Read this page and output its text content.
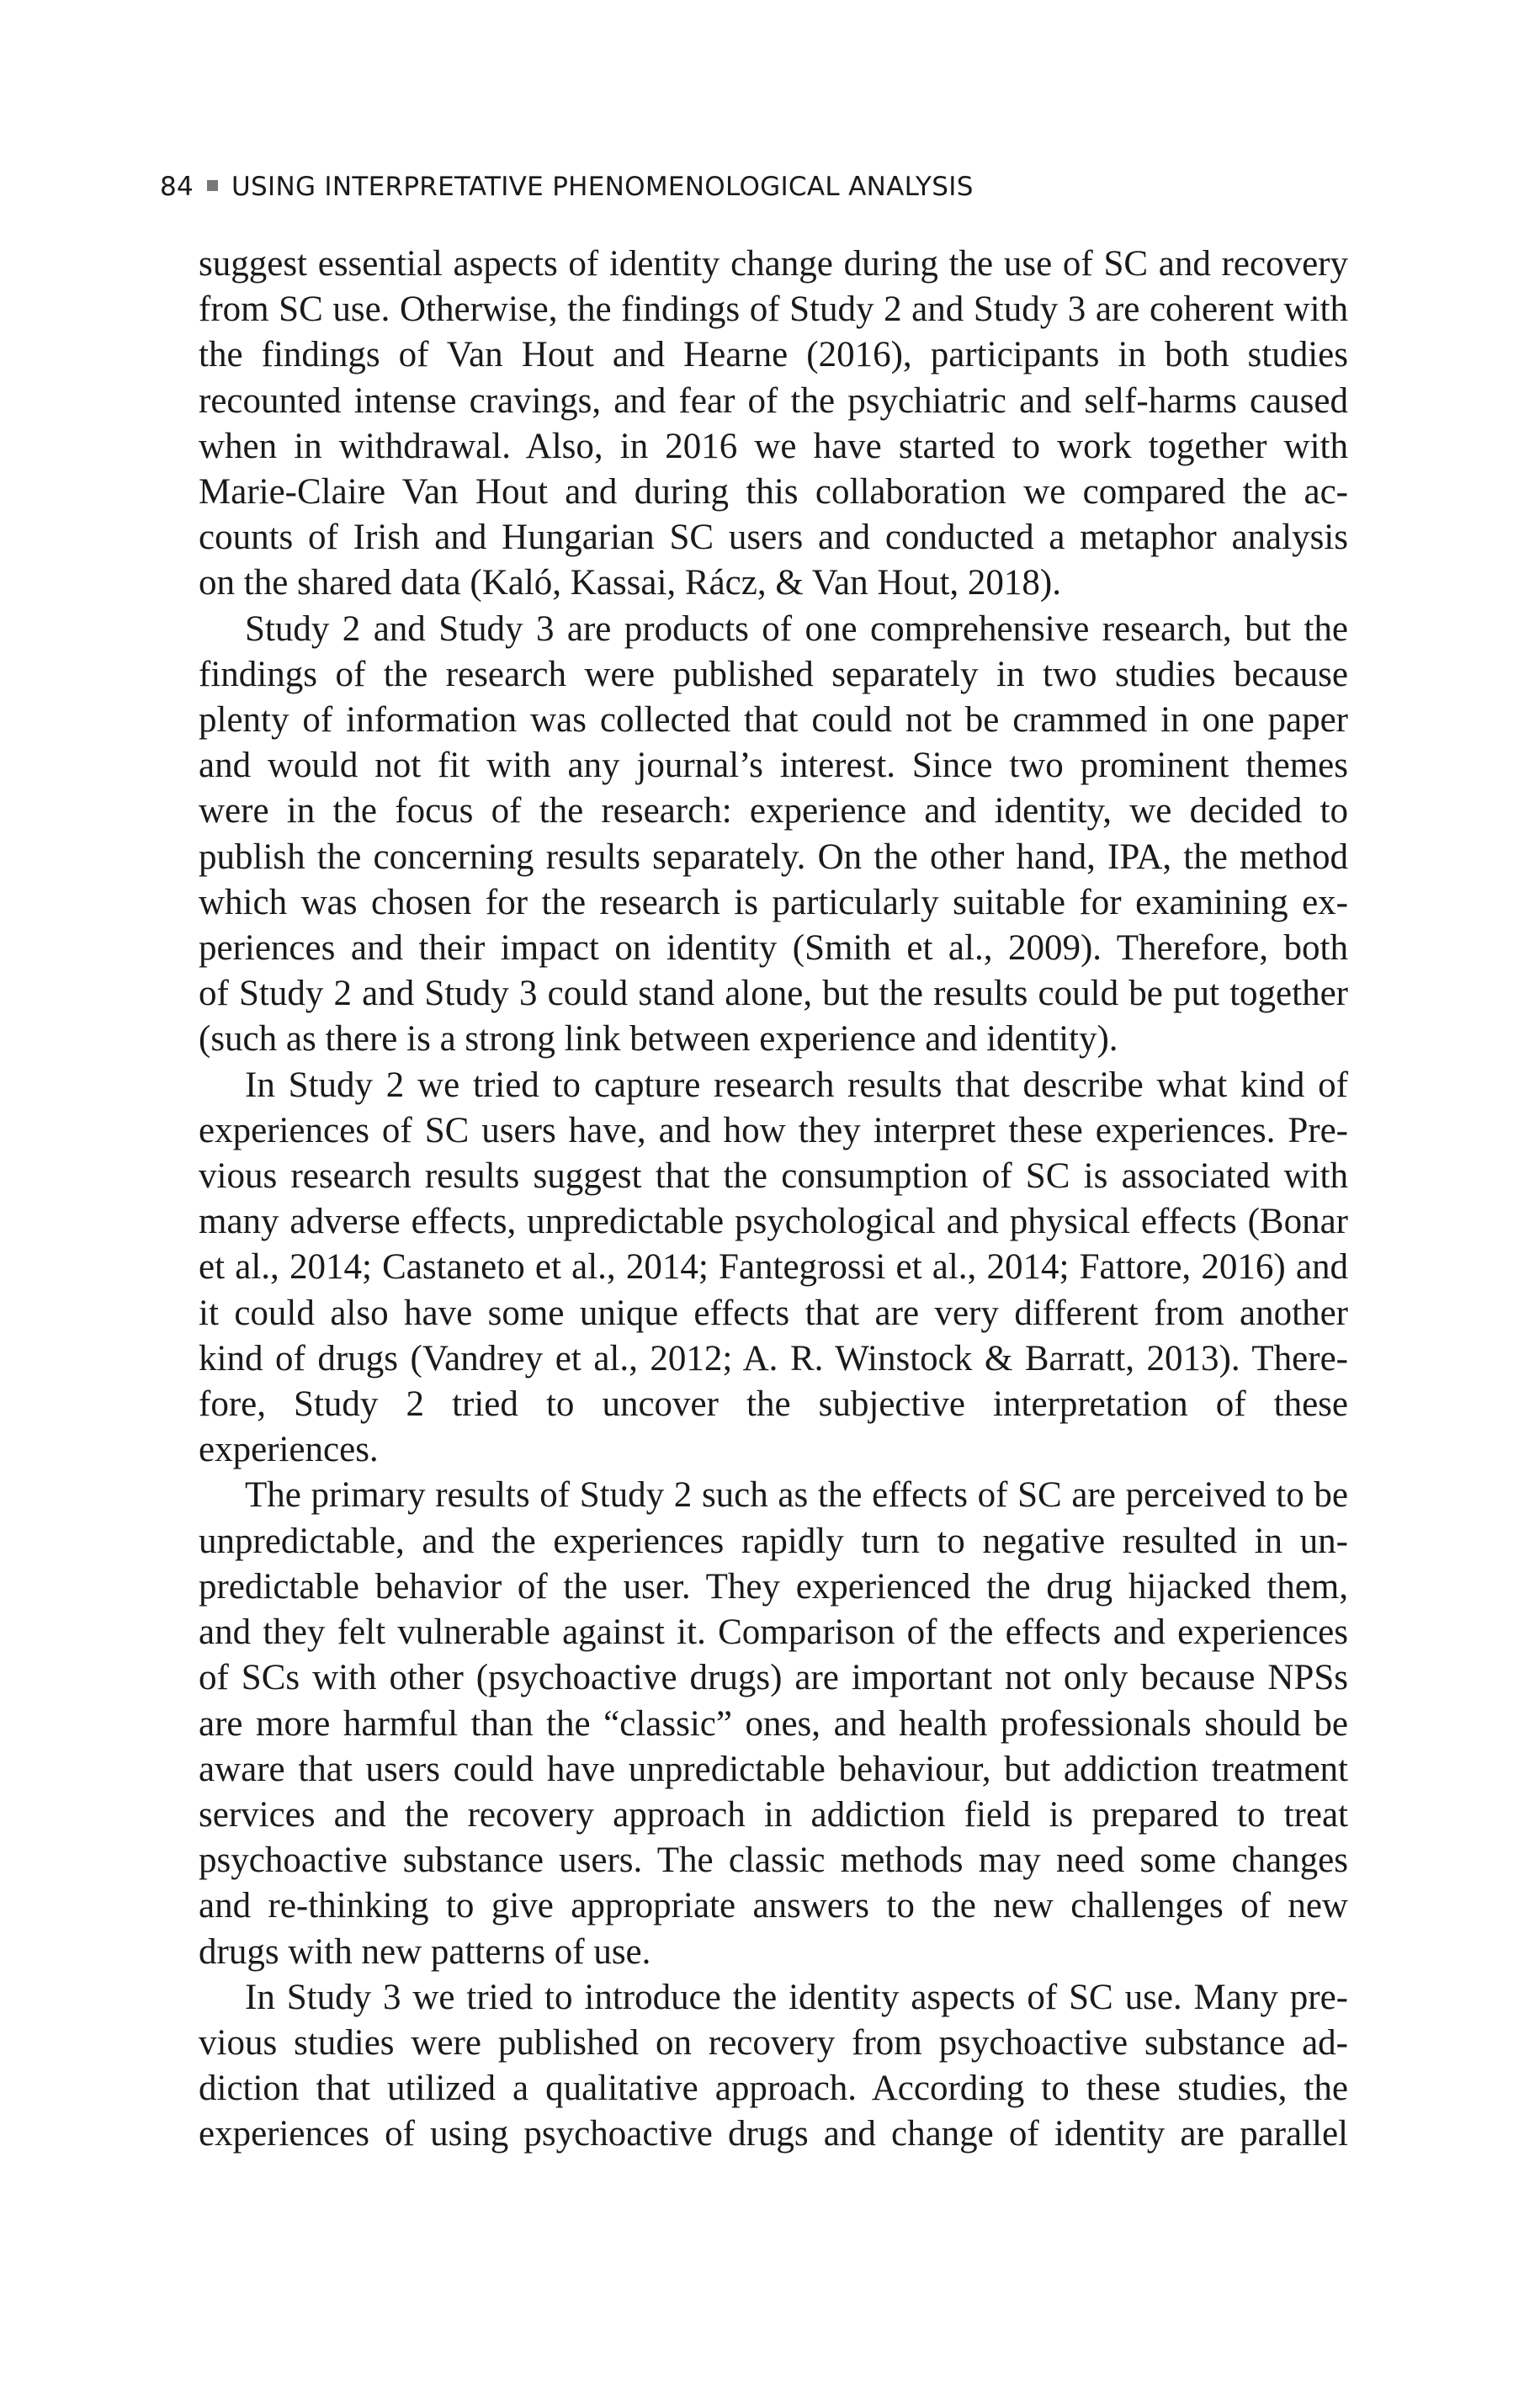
84 USING INTERPRETATIVE PHENOMENOLOGICAL ANALYSIS

suggest essential aspects of identity change during the use of SC and recovery
from SC use. Otherwise, the findings of Study 2 and Study 3 are coherent with
the findings of Van Hout and Hearne (2016), participants in both studies
recounted intense cravings, and fear of the psychiatric and self-harms caused
when in withdrawal. Also, in 2016 we have started to work together with
Marie-Claire Van Hout and during this collaboration we compared the ac-
counts of Irish and Hungarian SC users and conducted a metaphor analysis
on the shared data (Kaló, Kassai, Rácz, & Van Hout, 2018).

Study 2 and Study 3 are products of one comprehensive research, but the
findings of the research were published separately in two studies because
plenty of information was collected that could not be crammed in one paper
and would not fit with any journal’s interest. Since two prominent themes
were in the focus of the research: experience and identity, we decided to
publish the concerning results separately. On the other hand, IPA, the method
which was chosen for the research is particularly suitable for examining ex-
periences and their impact on identity (Smith et al., 2009). Therefore, both
of Study 2 and Study 3 could stand alone, but the results could be put together
(such as there is a strong link between experience and identity).

In Study 2 we tried to capture research results that describe what kind of
experiences of SC users have, and how they interpret these experiences. Pre-
vious research results suggest that the consumption of SC is associated with
many adverse effects, unpredictable psychological and physical effects (Bonar
et al., 2014; Castaneto et al., 2014; Fantegrossi et al., 2014; Fattore, 2016) and
it could also have some unique effects that are very different from another
kind of drugs (Vandrey et al., 2012; A. R. Winstock & Barratt, 2013). There-
fore, Study 2 tried to uncover the subjective interpretation of these
experiences.

The primary results of Study 2 such as the effects of SC are perceived to be
unpredictable, and the experiences rapidly turn to negative resulted in un-
predictable behavior of the user. They experienced the drug hijacked them,
and they felt vulnerable against it. Comparison of the effects and experiences
of SCs with other (psychoactive drugs) are important not only because NPSs
are more harmful than the “classic” ones, and health professionals should be
aware that users could have unpredictable behaviour, but addiction treatment
services and the recovery approach in addiction field is prepared to treat
psychoactive substance users. The classic methods may need some changes
and re-thinking to give appropriate answers to the new challenges of new
drugs with new patterns of use.

In Study 3 we tried to introduce the identity aspects of SC use. Many pre-
vious studies were published on recovery from psychoactive substance ad-
diction that utilized a qualitative approach. According to these studies, the
experiences of using psychoactive drugs and change of identity are parallel
